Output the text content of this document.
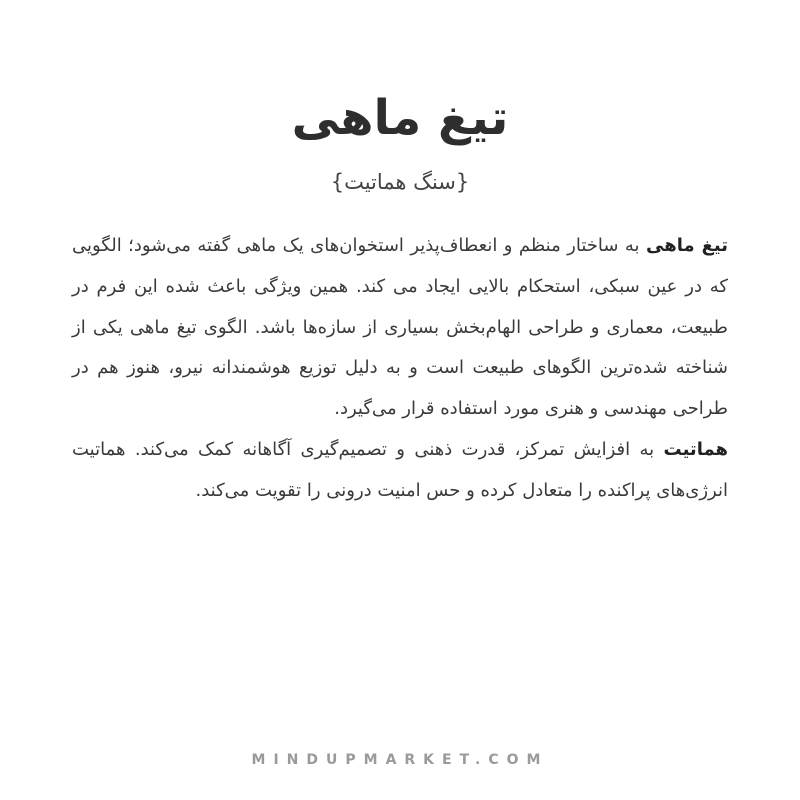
تیغ ماهی
{سنگ هماتیت}

تیغ ماهی به ساختار منظم و انعطاف‌پذیر استخوان‌های یک ماهی گفته می‌شود؛ الگویی که در عین سبکی، استحکام بالایی ایجاد می کند. همین ویژگی باعث شده این فرم در طبیعت، معماری و طراحی الهام‌بخش بسیاری از سازه‌ها باشد. الگوی تیغ ماهی یکی از شناخته شده‌ترین الگوهای طبیعت است و به دلیل توزیع هوشمندانه نیرو، هنوز هم در طراحی مهندسی و هنری مورد استفاده قرار می‌گیرد.

هماتیت به افزایش تمرکز، قدرت ذهنی و تصمیم‌گیری آگاهانه کمک می‌کند. هماتیت انرژی‌های پراکنده را متعادل کرده و حس امنیت درونی را تقویت می‌کند.

MINDUPMARKET.COM
